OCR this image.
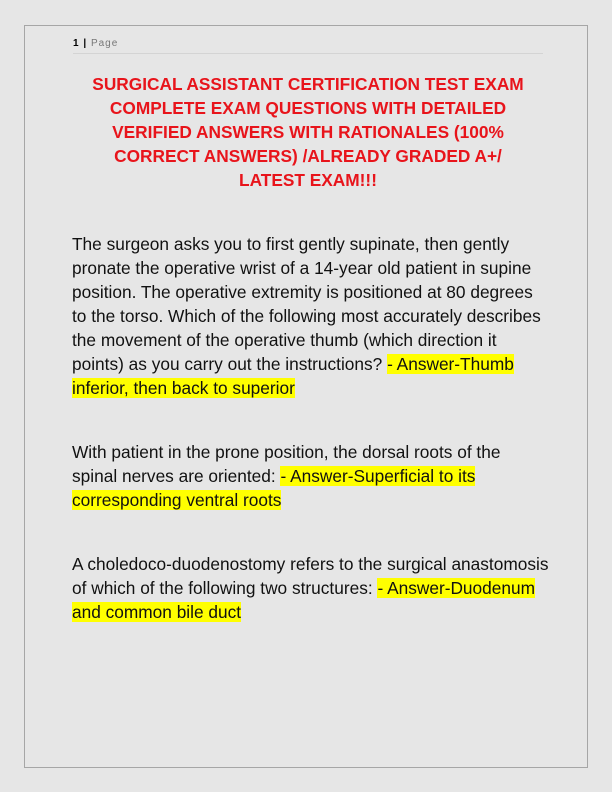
1 | Page
SURGICAL ASSISTANT CERTIFICATION TEST EXAM COMPLETE EXAM QUESTIONS WITH DETAILED VERIFIED ANSWERS WITH RATIONALES (100% CORRECT ANSWERS) /ALREADY GRADED A+/ LATEST EXAM!!!
The surgeon asks you to first gently supinate, then gently pronate the operative wrist of a 14-year old patient in supine position. The operative extremity is positioned at 80 degrees to the torso. Which of the following most accurately describes the movement of the operative thumb (which direction it points) as you carry out the instructions? - Answer-Thumb inferior, then back to superior
With patient in the prone position, the dorsal roots of the spinal nerves are oriented: - Answer-Superficial to its corresponding ventral roots
A choledoco-duodenostomy refers to the surgical anastomosis of which of the following two structures: - Answer-Duodenum and common bile duct
